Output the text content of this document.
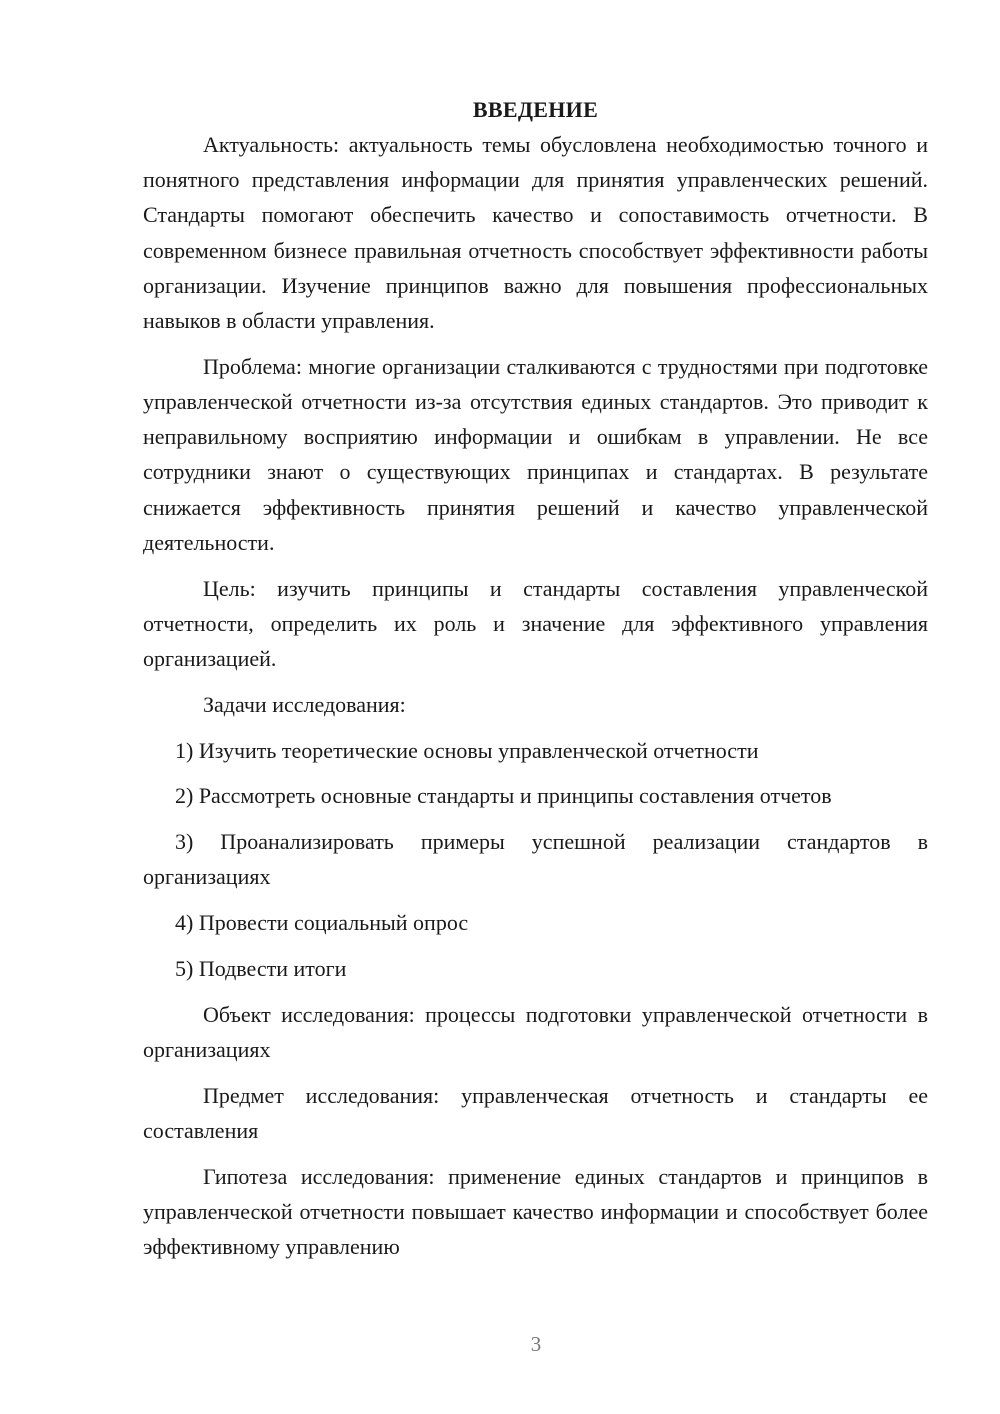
ВВЕДЕНИЕ

Актуальность: актуальность темы обусловлена необходимостью точного и понятного представления информации для принятия управленческих решений. Стандарты помогают обеспечить качество и сопоставимость отчетности. В современном бизнесе правильная отчетность способствует эффективности работы организации. Изучение принципов важно для повышения профессиональных навыков в области управления.

Проблема: многие организации сталкиваются с трудностями при подготовке управленческой отчетности из-за отсутствия единых стандартов. Это приводит к неправильному восприятию информации и ошибкам в управлении. Не все сотрудники знают о существующих принципах и стандартах. В результате снижается эффективность принятия решений и качество управленческой деятельности.

Цель: изучить принципы и стандарты составления управленческой отчетности, определить их роль и значение для эффективного управления организацией.

Задачи исследования:

1) Изучить теоретические основы управленческой отчетности

2) Рассмотреть основные стандарты и принципы составления отчетов

3) Проанализировать примеры успешной реализации стандартов в организациях

4) Провести социальный опрос

5) Подвести итоги

Объект исследования: процессы подготовки управленческой отчетности в организациях

Предмет исследования: управленческая отчетность и стандарты ее составления

Гипотеза исследования: применение единых стандартов и принципов в управленческой отчетности повышает качество информации и способствует более эффективному управлению

3
